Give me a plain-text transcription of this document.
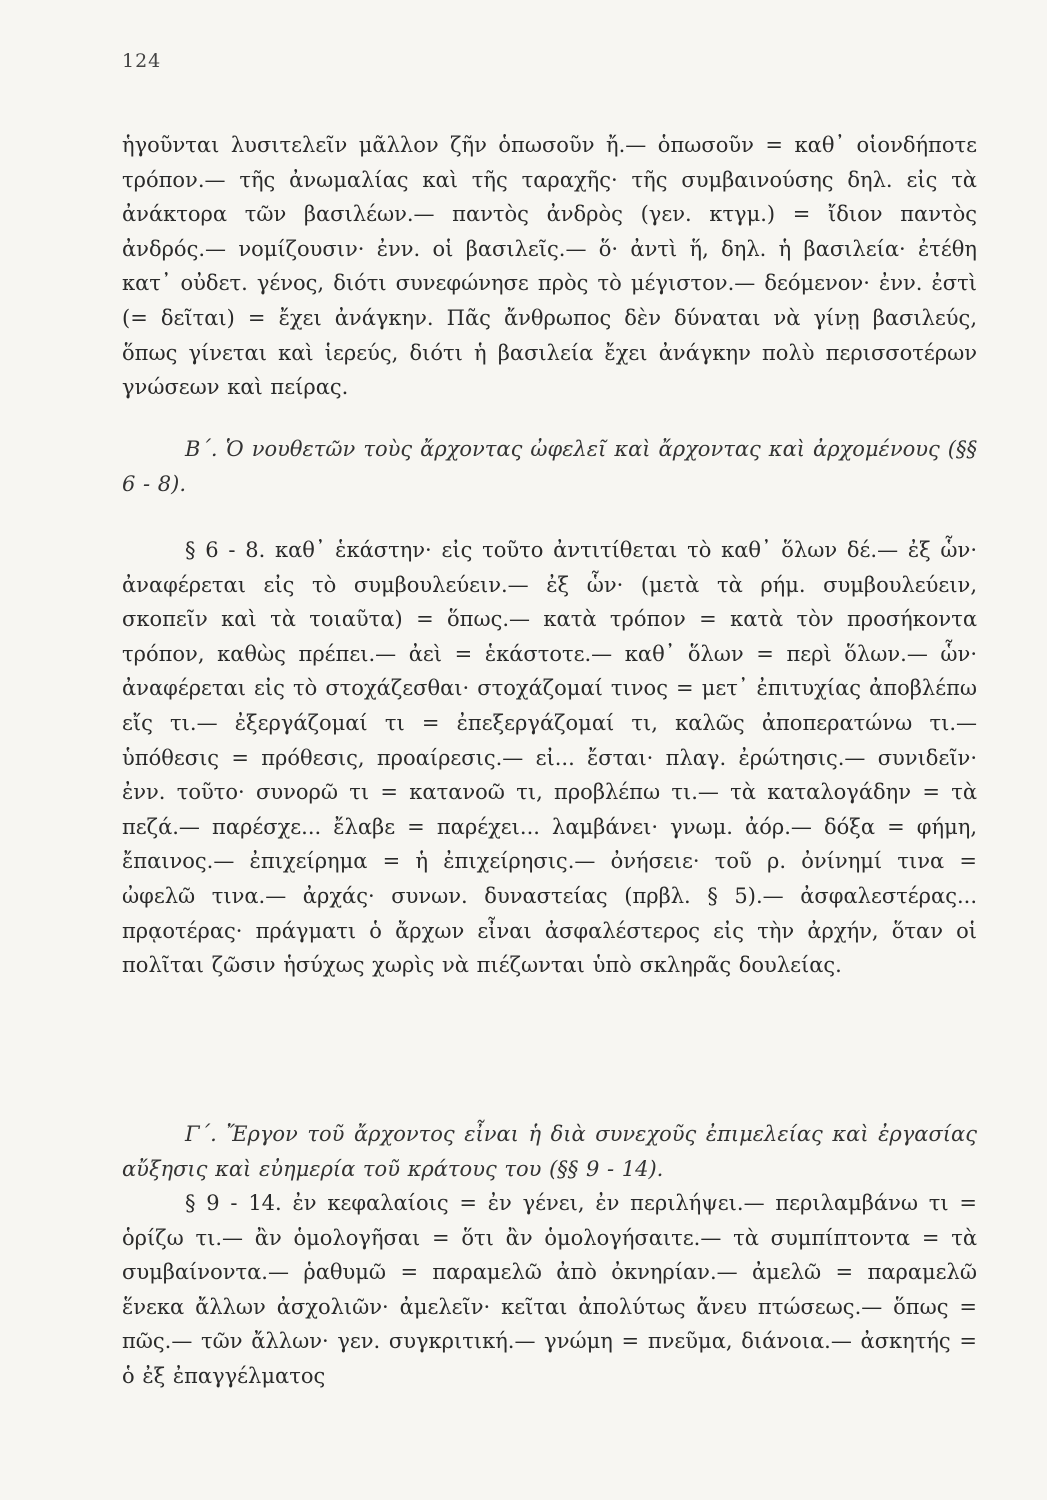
124

ἡγοῦνται λυσιτελεῖν μᾶλλον ζῆν ὁπωσοῦν ἤ.— ὁπωσοῦν = καθ᾽ οἱονδήποτε τρόπον.— τῆς ἀνωμαλίας καὶ τῆς ταραχῆς· τῆς συμβαινούσης δηλ. εἰς τὰ ἀνάκτορα τῶν βασιλέων.— παντὸς ἀνδρὸς (γεν. κτγμ.) = ἴδιον παντὸς ἀνδρός.— νομίζουσιν· ἐνν. οἱ βασιλεῖς.— ὅ· ἀντὶ ἥ, δηλ. ἡ βασιλεία· ἐτέθη κατ᾽ οὐδετ. γένος, διότι συνεφώνησε πρὸς τὸ μέγιστον.— δεόμενον· ἐνν. ἐστὶ (= δεῖται) = ἔχει ἀνάγκην. Πᾶς ἄνθρωπος δὲν δύναται νὰ γίνῃ βασιλεύς, ὅπως γίνεται καὶ ἱερεύς, διότι ἡ βασιλεία ἔχει ἀνάγκην πολὺ περισσοτέρων γνώσεων καὶ πείρας.

Β΄. Ὁ νουθετῶν τοὺς ἄρχοντας ὠφελεῖ καὶ ἄρχοντας καὶ ἀρχομένους (§§ 6 - 8).

§ 6 - 8. καθ᾽ ἑκάστην· εἰς τοῦτο ἀντιτίθεται τὸ καθ᾽ ὅλων δέ.— ἐξ ὧν· ἀναφέρεται εἰς τὸ συμβουλεύειν.— ἐξ ὧν· (μετὰ τὰ ρήμ. συμβουλεύειν, σκοπεῖν καὶ τὰ τοιαῦτα) = ὅπως.— κατὰ τρόπον = κατὰ τὸν προσήκοντα τρόπον, καθὼς πρέπει.— ἀεὶ = ἑκάστοτε.— καθ᾽ ὅλων = περὶ ὅλων.— ὧν· ἀναφέρεται εἰς τὸ στοχάζεσθαι· στοχάζομαί τινος = μετ᾽ ἐπιτυχίας ἀποβλέπω εἴς τι.— ἐξεργάζομαί τι = ἐπεξεργάζομαί τι, καλῶς ἀποπερατώνω τι.— ὑπόθεσις = πρόθεσις, προαίρεσις.— εἰ... ἔσται· πλαγ. ἐρώτησις.— συνιδεῖν· ἐνν. τοῦτο· συνορῶ τι = κατανοῶ τι, προβλέπω τι.— τὰ καταλογάδην = τὰ πεζά.— παρέσχε... ἔλαβε = παρέχει... λαμβάνει· γνωμ. ἀόρ.— δόξα = φήμη, ἔπαινος.— ἐπιχείρημα = ἡ ἐπιχείρησις.— ὀνήσειε· τοῦ ρ. ὀνίνημί τινα = ὠφελῶ τινα.— ἀρχάς· συνων. δυναστείας (πρβλ. § 5).— ἀσφαλεστέρας... πρᾳοτέρας· πράγματι ὁ ἄρχων εἶναι ἀσφαλέστερος εἰς τὴν ἀρχήν, ὅταν οἱ πολῖται ζῶσιν ἡσύχως χωρὶς νὰ πιέζωνται ὑπὸ σκληρᾶς δουλείας.

Γ΄. Ἔργον τοῦ ἄρχοντος εἶναι ἡ διὰ συνεχοῦς ἐπιμελείας καὶ ἐργασίας αὔξησις καὶ εὐημερία τοῦ κράτους του (§§ 9 - 14).

§ 9 - 14. ἐν κεφαλαίοις = ἐν γένει, ἐν περιλήψει.— περιλαμβάνω τι = ὁρίζω τι.— ἂν ὁμολογῆσαι = ὅτι ἂν ὁμολογήσαιτε.— τὰ συμπίπτοντα = τὰ συμβαίνοντα.— ῥαθυμῶ = παραμελῶ ἀπὸ ὀκνηρίαν.— ἀμελῶ = παραμελῶ ἕνεκα ἄλλων ἀσχολιῶν· ἀμελεῖν· κεῖται ἀπολύτως ἄνευ πτώσεως.— ὅπως = πῶς.— τῶν ἄλλων· γεν. συγκριτική.— γνώμη = πνεῦμα, διάνοια.— ἀσκητής = ὁ ἐξ ἐπαγγέλματος
